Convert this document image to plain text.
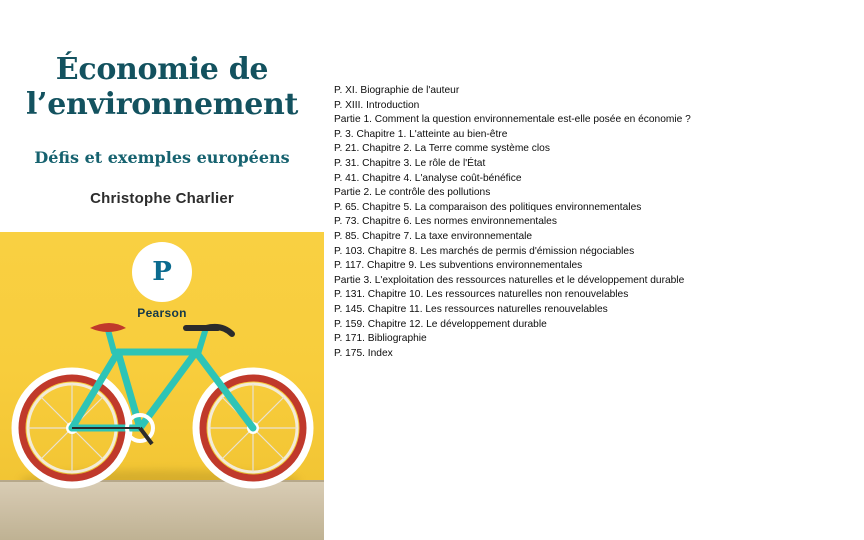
Économie de
l’environnement
Défis et exemples européens
Christophe Charlier
P
Pearson
P. XI. Biographie de l'auteur
P. XIII. Introduction
Partie 1. Comment la question environnementale est-elle posée en économie ?
P. 3. Chapitre 1. L'atteinte au bien-être
P. 21. Chapitre 2. La Terre comme système clos
P. 31. Chapitre 3. Le rôle de l'État
P. 41. Chapitre 4. L'analyse coût-bénéfice
Partie 2. Le contrôle des pollutions
P. 65. Chapitre 5. La comparaison des politiques environnementales
P. 73. Chapitre 6. Les normes environnementales
P. 85. Chapitre 7. La taxe environnementale
P. 103. Chapitre 8. Les marchés de permis d'émission négociables
P. 117. Chapitre 9. Les subventions environnementales
Partie 3. L'exploitation des ressources naturelles et le développement durable
P. 131. Chapitre 10. Les ressources naturelles non renouvelables
P. 145. Chapitre 11. Les ressources naturelles renouvelables
P. 159. Chapitre 12. Le développement durable
P. 171. Bibliographie
P. 175. Index
